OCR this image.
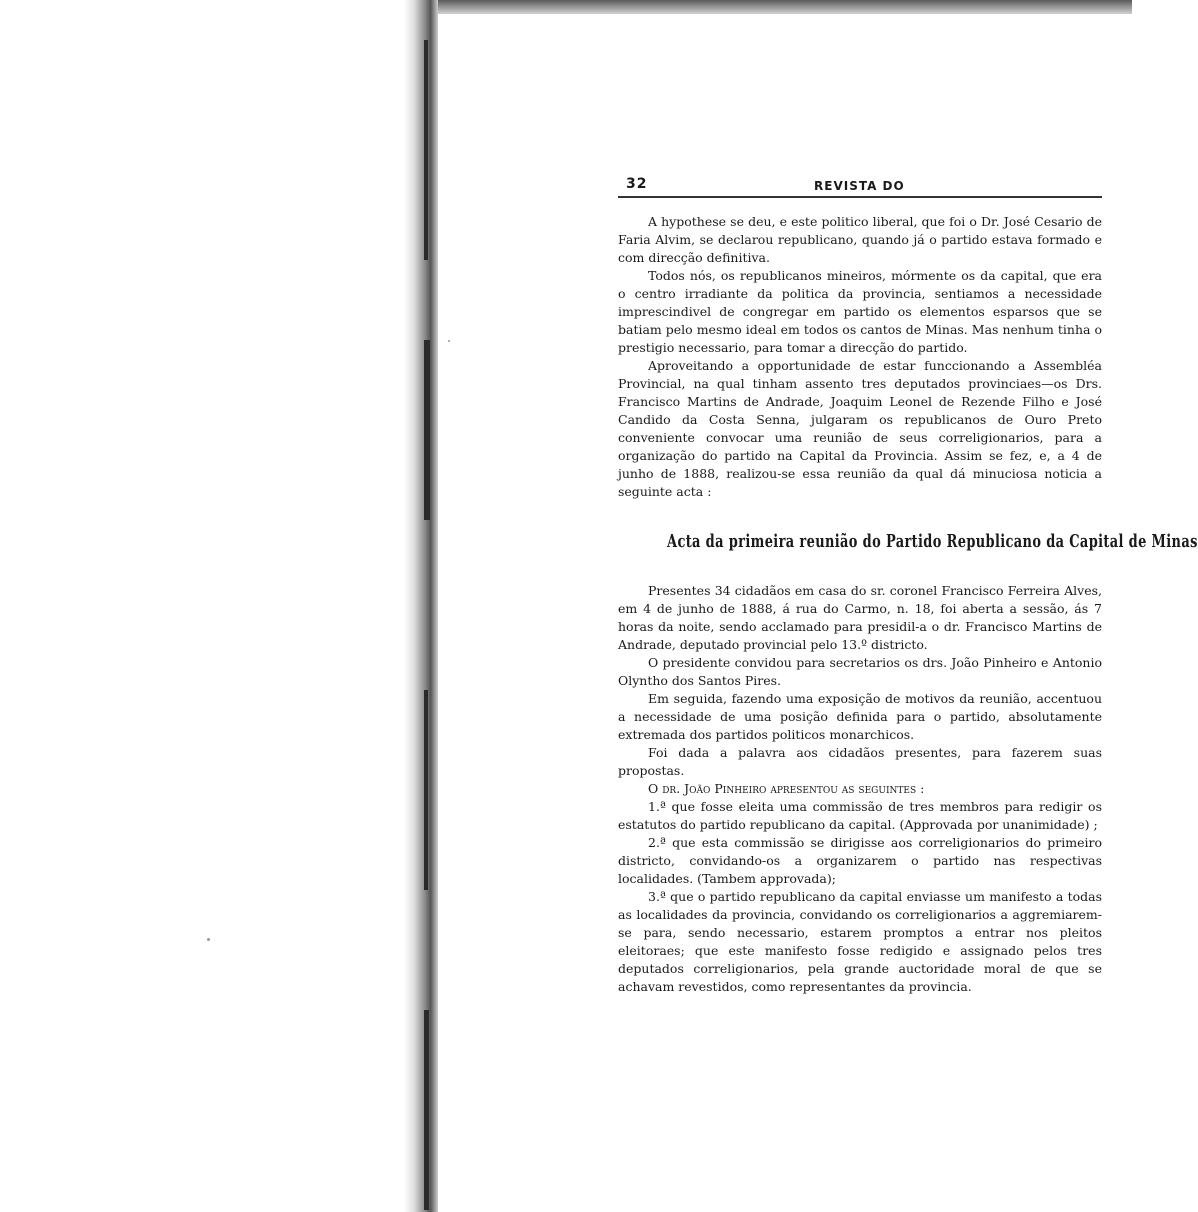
32	REVISTA DO

A hypothese se deu, e este politico liberal, que foi o Dr. José Cesario de Faria Alvim, se declarou republicano, quando já o partido estava formado e com direcção definitiva.

Todos nós, os republicanos mineiros, mórmente os da capital, que era o centro irradiante da politica da provincia, sentiamos a necessidade imprescindivel de congregar em partido os elementos esparsos que se batiam pelo mesmo ideal em todos os cantos de Minas. Mas nenhum tinha o prestigio necessario, para tomar a direcção do partido.

Aproveitando a opportunidade de estar funccionando a Assembléa Provincial, na qual tinham assento tres deputados provinciaes—os Drs. Francisco Martins de Andrade, Joaquim Leonel de Rezende Filho e José Candido da Costa Senna, julgaram os republicanos de Ouro Preto conveniente convocar uma reunião de seus correligionarios, para a organização do partido na Capital da Provincia. Assim se fez, e, a 4 de junho de 1888, realizou-se essa reunião da qual dá minuciosa noticia a seguinte acta :

Acta da primeira reunião do Partido Republicano da Capital de Minas

Presentes 34 cidadãos em casa do sr. coronel Francisco Ferreira Alves, em 4 de junho de 1888, á rua do Carmo, n. 18, foi aberta a sessão, ás 7 horas da noite, sendo acclamado para presidil-a o dr. Francisco Martins de Andrade, deputado provincial pelo 13.º districto.

O presidente convidou para secretarios os drs. João Pinheiro e Antonio Olyntho dos Santos Pires.

Em seguida, fazendo uma exposição de motivos da reunião, accentuou a necessidade de uma posição definida para o partido, absolutamente extremada dos partidos politicos monarchicos.

Foi dada a palavra aos cidadãos presentes, para fazerem suas propostas.

O dr. João Pinheiro apresentou as seguintes :

1.ª que fosse eleita uma commissão de tres membros para redigir os estatutos do partido republicano da capital. (Approvada por unanimidade) ;

2.ª que esta commissão se dirigisse aos correligionarios do primeiro districto, convidando-os a organizarem o partido nas respectivas localidades. (Tambem approvada);

3.ª que o partido republicano da capital enviasse um manifesto a todas as localidades da provincia, convidando os correligionarios a aggremiarem-se para, sendo necessario, estarem promptos a entrar nos pleitos eleitoraes; que este manifesto fosse redigido e assignado pelos tres deputados correligionarios, pela grande auctoridade moral de que se achavam revestidos, como representantes da provincia.
